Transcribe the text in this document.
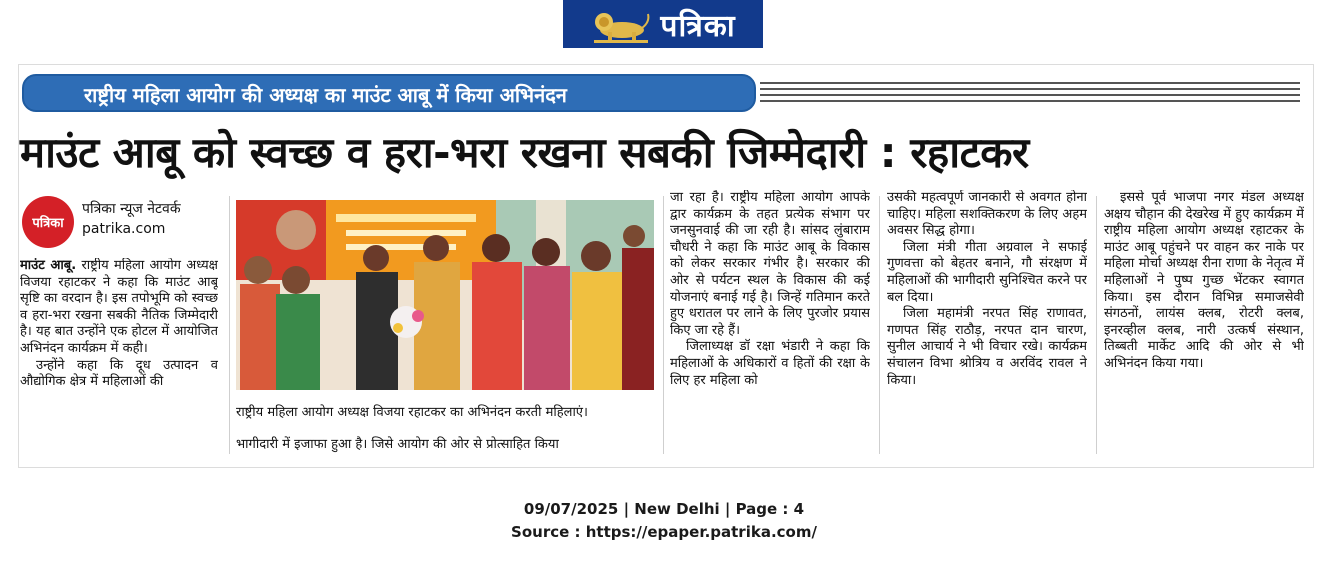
पत्रिका
राष्ट्रीय महिला आयोग की अध्यक्ष का माउंट आबू में किया अभिनंदन
माउंट आबू को स्वच्छ व हरा-भरा रखना सबकी जिम्मेदारी : रहाटकर
पत्रिका
पत्रिका न्यूज नेटवर्क
patrika.com

माउंट आबू. राष्ट्रीय महिला आयोग अध्यक्ष विजया रहाटकर ने कहा कि माउंट आबू सृष्टि का वरदान है। इस तपोभूमि को स्वच्छ व हरा-भरा रखना सबकी नैतिक जिम्मेदारी है। यह बात उन्होंने एक होटल में आयोजित अभिनंदन कार्यक्रम में कही।

उन्होंने कहा कि दूध उत्पादन व औद्योगिक क्षेत्र में महिलाओं की

राष्ट्रीय महिला आयोग अध्यक्ष विजया रहाटकर का अभिनंदन करती महिलाएं।
भागीदारी में इजाफा हुआ है। जिसे आयोग की ओर से प्रोत्साहित किया

जा रहा है। राष्ट्रीय महिला आयोग आपके द्वार कार्यक्रम के तहत प्रत्येक संभाग पर जनसुनवाई की जा रही है। सांसद लुंबाराम चौधरी ने कहा कि माउंट आबू के विकास को लेकर सरकार गंभीर है। सरकार की ओर से पर्यटन स्थल के विकास की कई योजनाएं बनाई गई है। जिन्हें गतिमान करते हुए धरातल पर लाने के लिए पुरजोर प्रयास किए जा रहे हैं।

जिलाध्यक्ष डॉ रक्षा भंडारी ने कहा कि महिलाओं के अधिकारों व हितों की रक्षा के लिए हर महिला को

उसकी महत्वपूर्ण जानकारी से अवगत होना चाहिए। महिला सशक्तिकरण के लिए अहम अवसर सिद्ध होगा।

जिला मंत्री गीता अग्रवाल ने सफाई गुणवत्ता को बेहतर बनाने, गौ संरक्षण में महिलाओं की भागीदारी सुनिश्चित करने पर बल दिया।

जिला महामंत्री नरपत सिंह राणावत, गणपत सिंह राठौड़, नरपत दान चारण, सुनील आचार्य ने भी विचार रखे। कार्यक्रम संचालन विभा श्रोत्रिय व अरविंद रावल ने किया।

इससे पूर्व भाजपा नगर मंडल अध्यक्ष अक्षय चौहान की देखरेख में हुए कार्यक्रम में राष्ट्रीय महिला आयोग अध्यक्ष रहाटकर के माउंट आबू पहुंचने पर वाहन कर नाके पर महिला मोर्चा अध्यक्ष रीना राणा के नेतृत्व में महिलाओं ने पुष्प गुच्छ भेंटकर स्वागत किया। इस दौरान विभिन्न समाजसेवी संगठनों, लायंस क्लब, रोटरी क्लब, इनरव्हील क्लब, नारी उत्कर्ष संस्थान, तिब्बती मार्केट आदि की ओर से भी अभिनंदन किया गया।

09/07/2025 | New Delhi | Page : 4
Source : https://epaper.patrika.com/
